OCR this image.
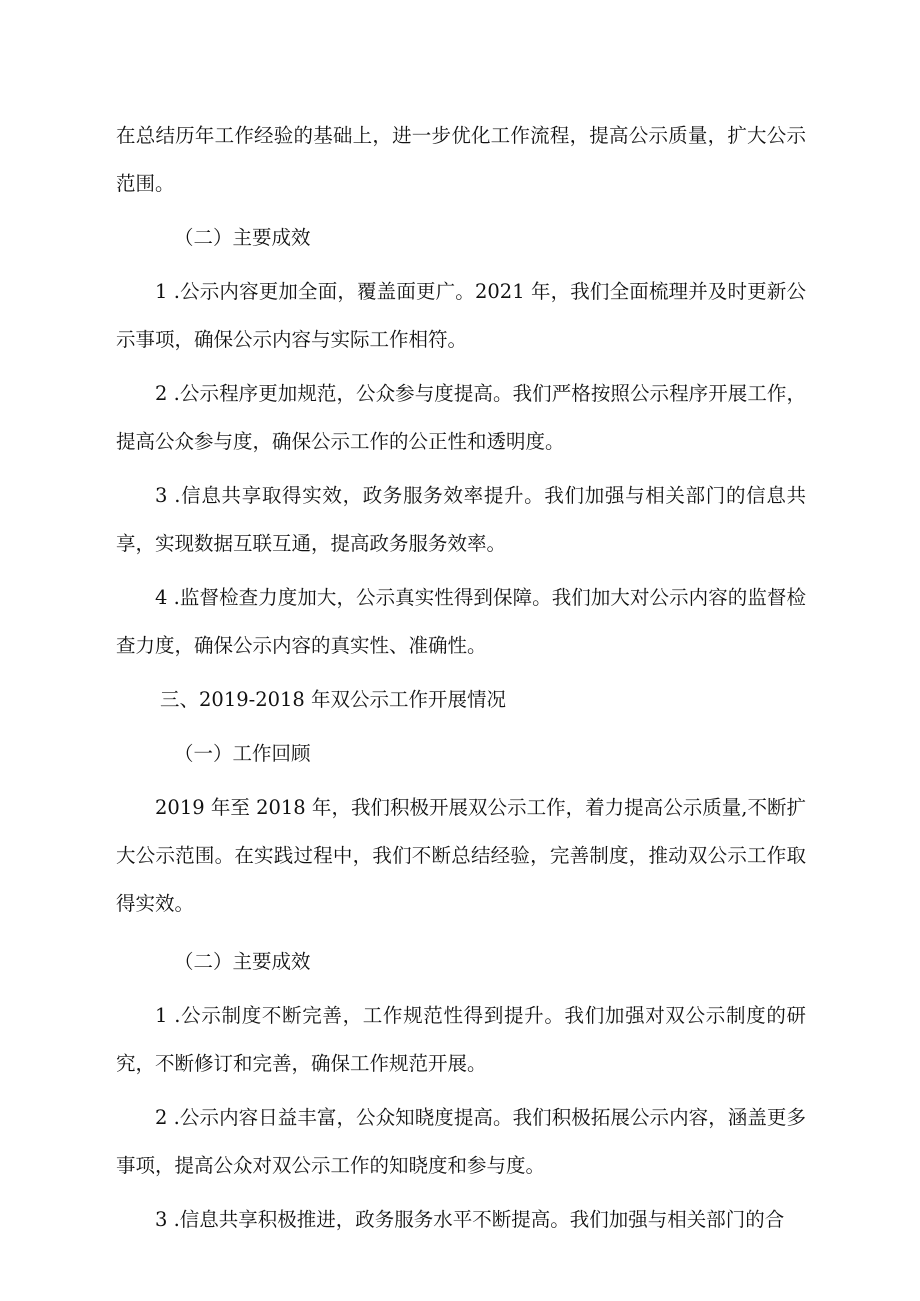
在总结历年工作经验的基础上，进一步优化工作流程，提高公示质量，扩大公示范围。

（二）主要成效

1 .公示内容更加全面，覆盖面更广。2021 年，我们全面梳理并及时更新公示事项，确保公示内容与实际工作相符。

2 .公示程序更加规范，公众参与度提高。我们严格按照公示程序开展工作，提高公众参与度，确保公示工作的公正性和透明度。

3 .信息共享取得实效，政务服务效率提升。我们加强与相关部门的信息共享，实现数据互联互通，提高政务服务效率。

4 .监督检查力度加大，公示真实性得到保障。我们加大对公示内容的监督检查力度，确保公示内容的真实性、准确性。

三、2019-2018 年双公示工作开展情况

（一）工作回顾

2019 年至 2018 年，我们积极开展双公示工作，着力提高公示质量,不断扩大公示范围。在实践过程中，我们不断总结经验，完善制度，推动双公示工作取得实效。

（二）主要成效

1 .公示制度不断完善，工作规范性得到提升。我们加强对双公示制度的研究，不断修订和完善，确保工作规范开展。

2 .公示内容日益丰富，公众知晓度提高。我们积极拓展公示内容，涵盖更多事项，提高公众对双公示工作的知晓度和参与度。

3 .信息共享积极推进，政务服务水平不断提高。我们加强与相关部门的合
